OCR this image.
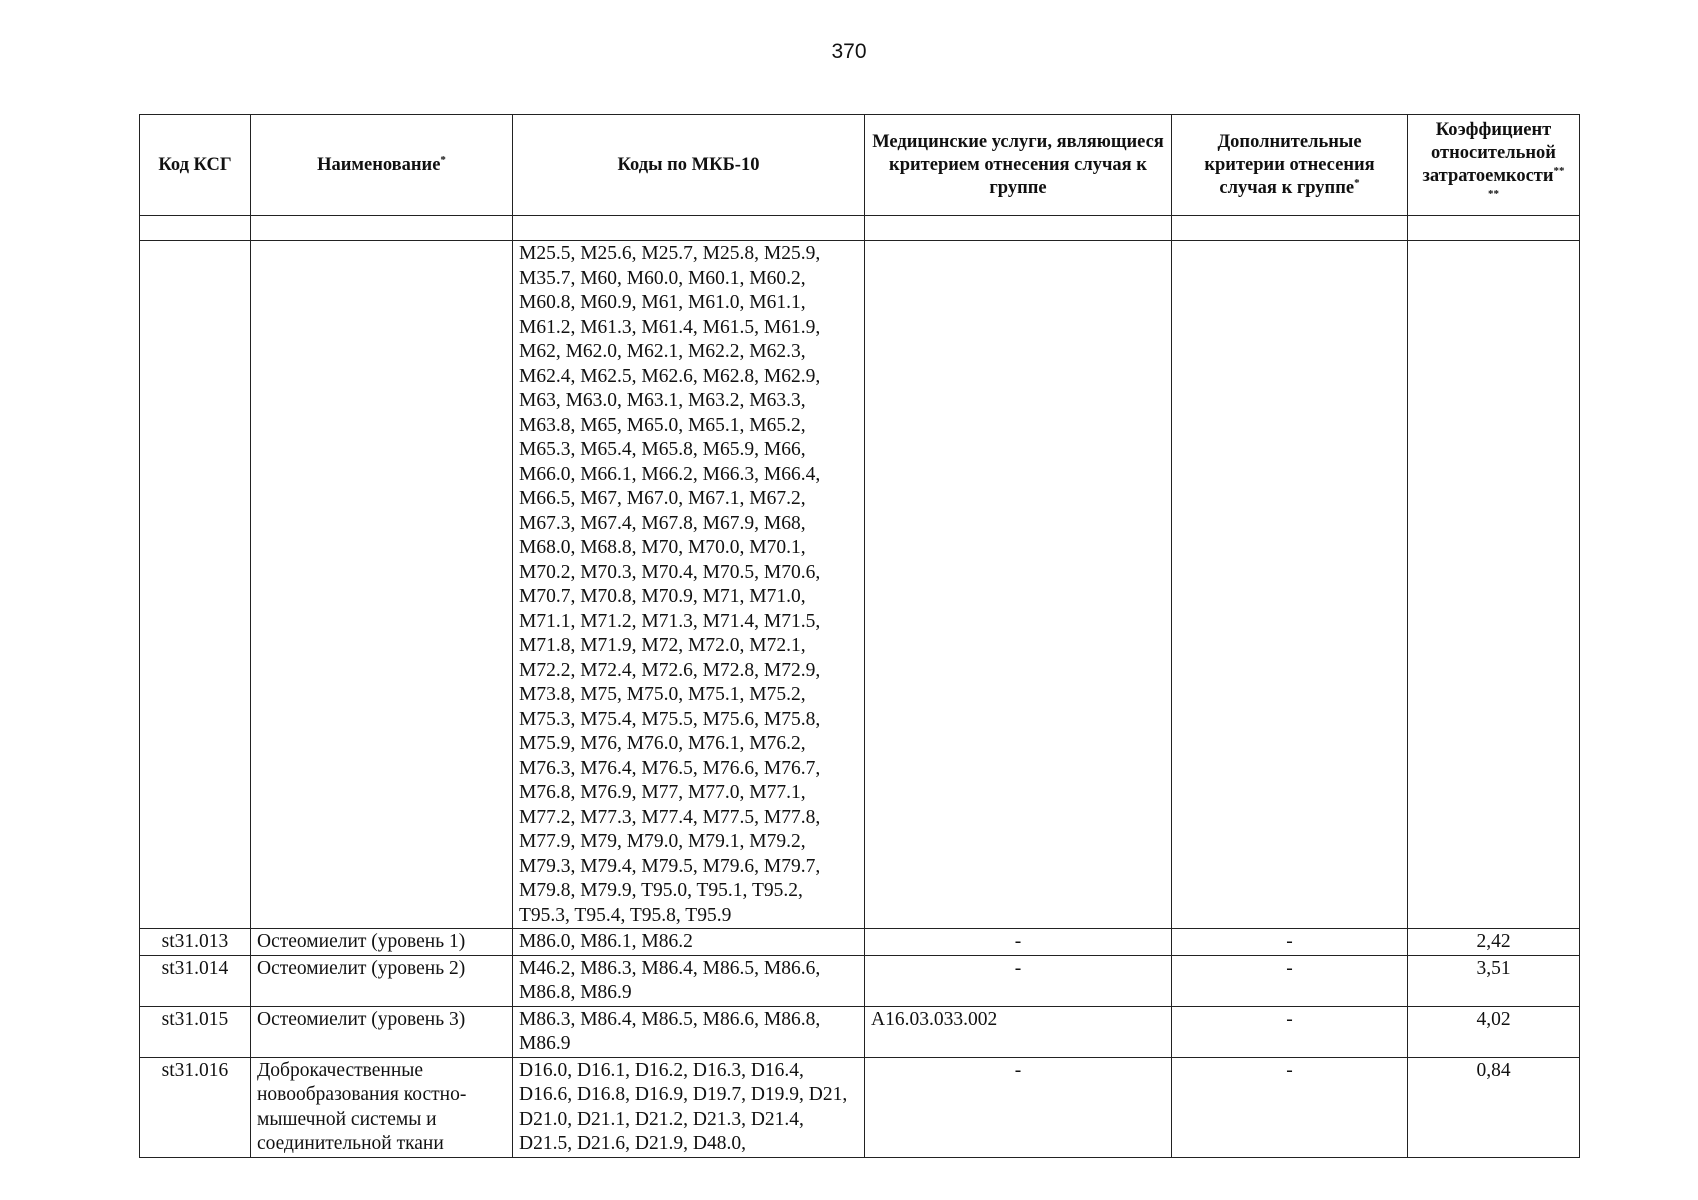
370
Код КСГ	Наименование*	Коды по МКБ-10	Медицинские услуги, являющиеся критерием отнесения случая к группе	Дополнительные критерии отнесения случая к группе*	Коэффициент относительной затратоемкости**
**

		M25.5, M25.6, M25.7, M25.8, M25.9, M35.7, M60, M60.0, M60.1, M60.2, M60.8, M60.9, M61, M61.0, M61.1, M61.2, M61.3, M61.4, M61.5, M61.9, M62, M62.0, M62.1, M62.2, M62.3, M62.4, M62.5, M62.6, M62.8, M62.9, M63, M63.0, M63.1, M63.2, M63.3, M63.8, M65, M65.0, M65.1, M65.2, M65.3, M65.4, M65.8, M65.9, M66, M66.0, M66.1, M66.2, M66.3, M66.4, M66.5, M67, M67.0, M67.1, M67.2, M67.3, M67.4, M67.8, M67.9, M68, M68.0, M68.8, M70, M70.0, M70.1, M70.2, M70.3, M70.4, M70.5, M70.6, M70.7, M70.8, M70.9, M71, M71.0, M71.1, M71.2, M71.3, M71.4, M71.5, M71.8, M71.9, M72, M72.0, M72.1, M72.2, M72.4, M72.6, M72.8, M72.9, M73.8, M75, M75.0, M75.1, M75.2, M75.3, M75.4, M75.5, M75.6, M75.8, M75.9, M76, M76.0, M76.1, M76.2, M76.3, M76.4, M76.5, M76.6, M76.7, M76.8, M76.9, M77, M77.0, M77.1, M77.2, M77.3, M77.4, M77.5, M77.8, M77.9, M79, M79.0, M79.1, M79.2, M79.3, M79.4, M79.5, M79.6, M79.7, M79.8, M79.9, T95.0, T95.1, T95.2, T95.3, T95.4, T95.8, T95.9			
st31.013	Остеомиелит (уровень 1)	M86.0, M86.1, M86.2	-	-	2,42
st31.014	Остеомиелит (уровень 2)	M46.2, M86.3, M86.4, M86.5, M86.6, M86.8, M86.9	-	-	3,51
st31.015	Остеомиелит (уровень 3)	M86.3, M86.4, M86.5, M86.6, M86.8, M86.9	A16.03.033.002	-	4,02
st31.016	Доброкачественные новообразования костно-мышечной системы и соединительной ткани	D16.0, D16.1, D16.2, D16.3, D16.4, D16.6, D16.8, D16.9, D19.7, D19.9, D21, D21.0, D21.1, D21.2, D21.3, D21.4, D21.5, D21.6, D21.9, D48.0,	-	-	0,84
